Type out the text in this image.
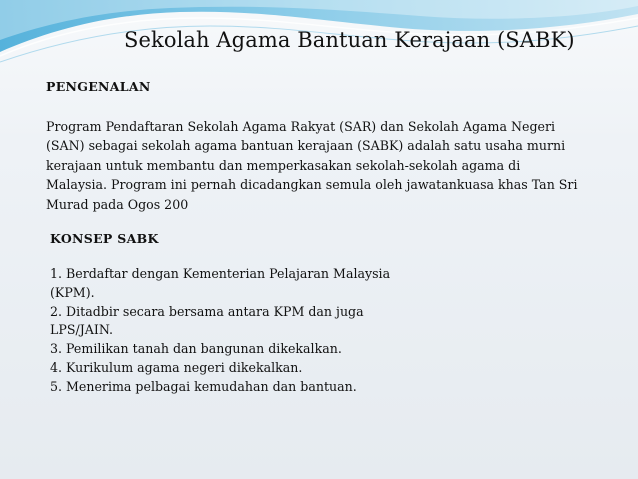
Sekolah Agama Bantuan Kerajaan (SABK)
PENGENALAN
Program Pendaftaran Sekolah Agama Rakyat (SAR) dan Sekolah Agama Negeri
(SAN) sebagai sekolah agama bantuan kerajaan (SABK) adalah satu usaha murni
kerajaan untuk membantu dan memperkasakan sekolah-sekolah agama di
Malaysia. Program ini pernah dicadangkan semula oleh jawatankuasa khas Tan Sri
Murad pada Ogos 200
KONSEP SABK
1. Berdaftar dengan Kementerian Pelajaran Malaysia
(KPM).
2. Ditadbir secara bersama antara KPM dan juga
LPS/JAIN.
3. Pemilikan tanah dan bangunan dikekalkan.
4. Kurikulum agama negeri dikekalkan.
5. Menerima pelbagai kemudahan dan bantuan.
